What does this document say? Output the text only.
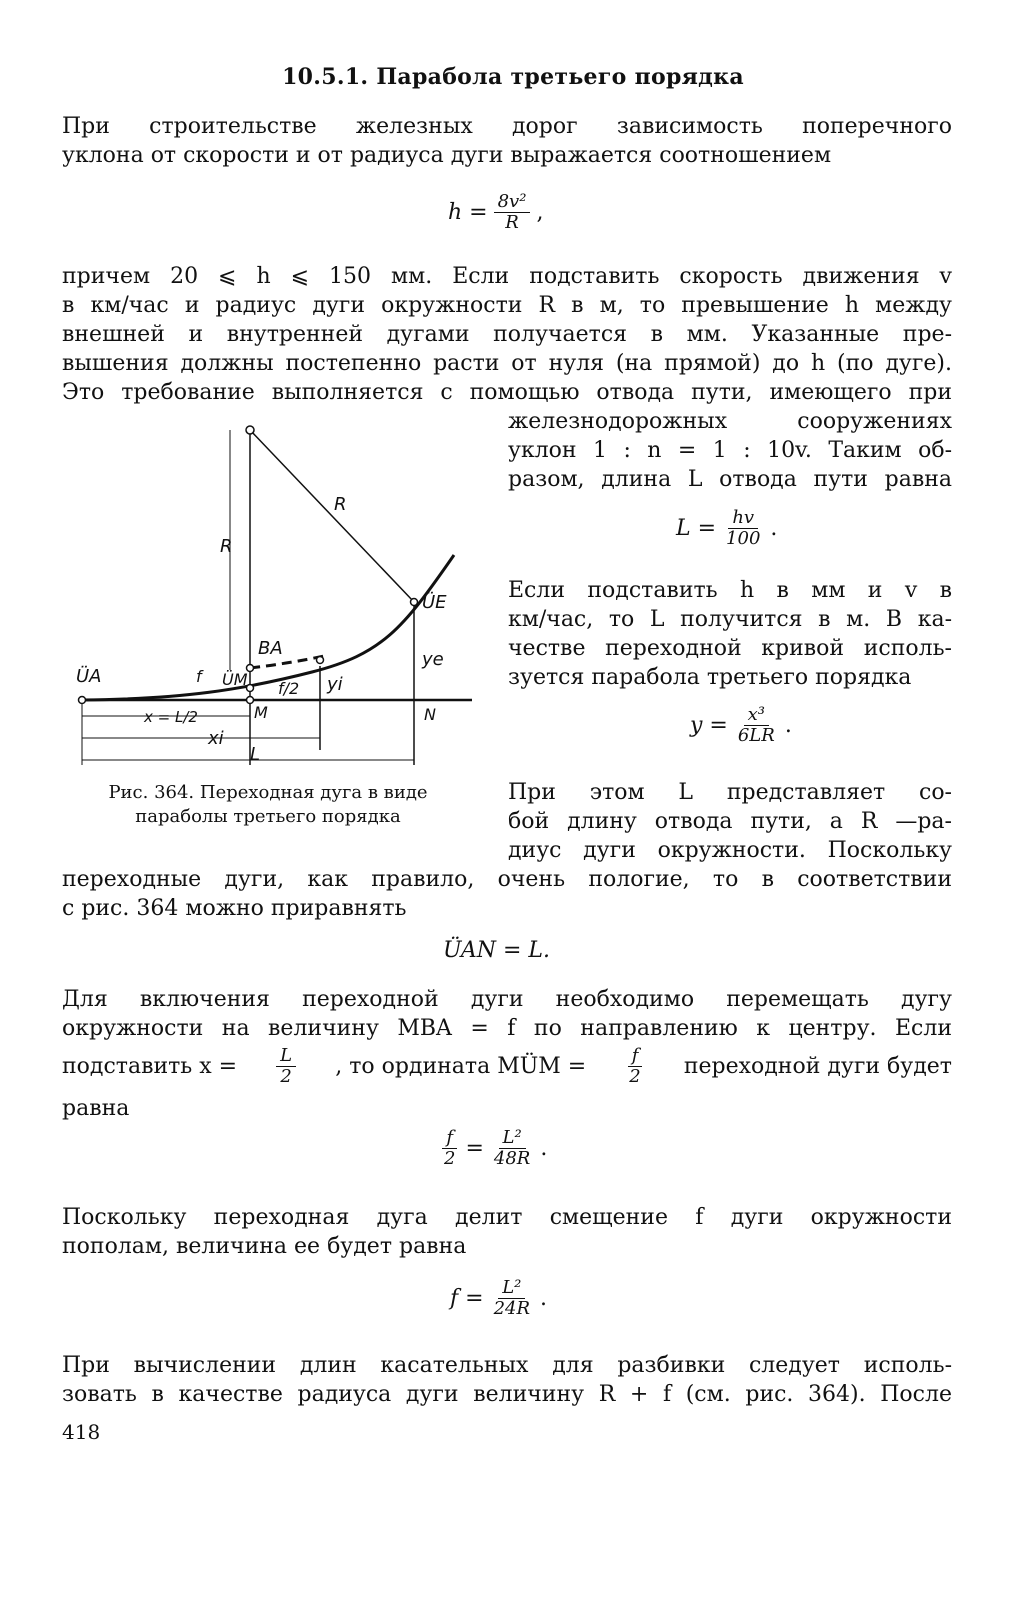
10.5.1. Парабола третьего порядка
При строительстве железных дорог зависимость поперечного
уклона от скорости и от радиуса дуги выражается соотношением
$h = \frac{\text{8v²}}{R}$ ,
причем 20 ⩽ h ⩽ 150 мм. Если подставить скорость движения v
в км/час и радиус дуги окружности R в м, то превышение h между
внешней и внутренней дугами получается в мм. Указанные пре-
вышения должны постепенно расти от нуля (на прямой) до h (по дуге).
Это требование выполняется с помощью отвода пути, имеющего при
железнодорожных сооружениях
уклон 1 : n = 1 : 10v. Таким об-
разом, длина L отвода пути равна
$L = \frac{hv}{100}$ .
Если подставить h в мм и v в
км/час, то L получится в м. В ка-
честве переходной кривой исполь-
зуется парабола третьего порядка
$y = \frac{\text{x³}}{6LR}$ .
При этом L представляет со-
бой длину отвода пути, а R —ра-
диус дуги окружности. Поскольку
R
R
ÜE
BA
ye
ÜA	f ÜM f/2 yi
x = L/2	M	N
xi
L
Рис. 364. Переходная дуга в виде
параболы третьего порядка
переходные дуги, как правило, очень пологие, то в соответствии
с рис. 364 можно приравнять
ÜAN = L.
Для включения переходной дуги необходимо перемещать дугу
окружности на величину MBA = f по направлению к центру. Если
подставить $x = \frac{L}{2}$ , то ордината MÜM = $\frac{f}{2}$ переходной дуги будет
равна
$\frac{f}{2} = \frac{\text{L²}}{48R}$ .
Поскольку переходная дуга делит смещение f дуги окружности
пополам, величина ее будет равна
$f = \frac{\text{L²}}{24R}$ .
При вычислении длин касательных для разбивки следует исполь-
зовать в качестве радиуса дуги величину R + f (см. рис. 364). После
418
